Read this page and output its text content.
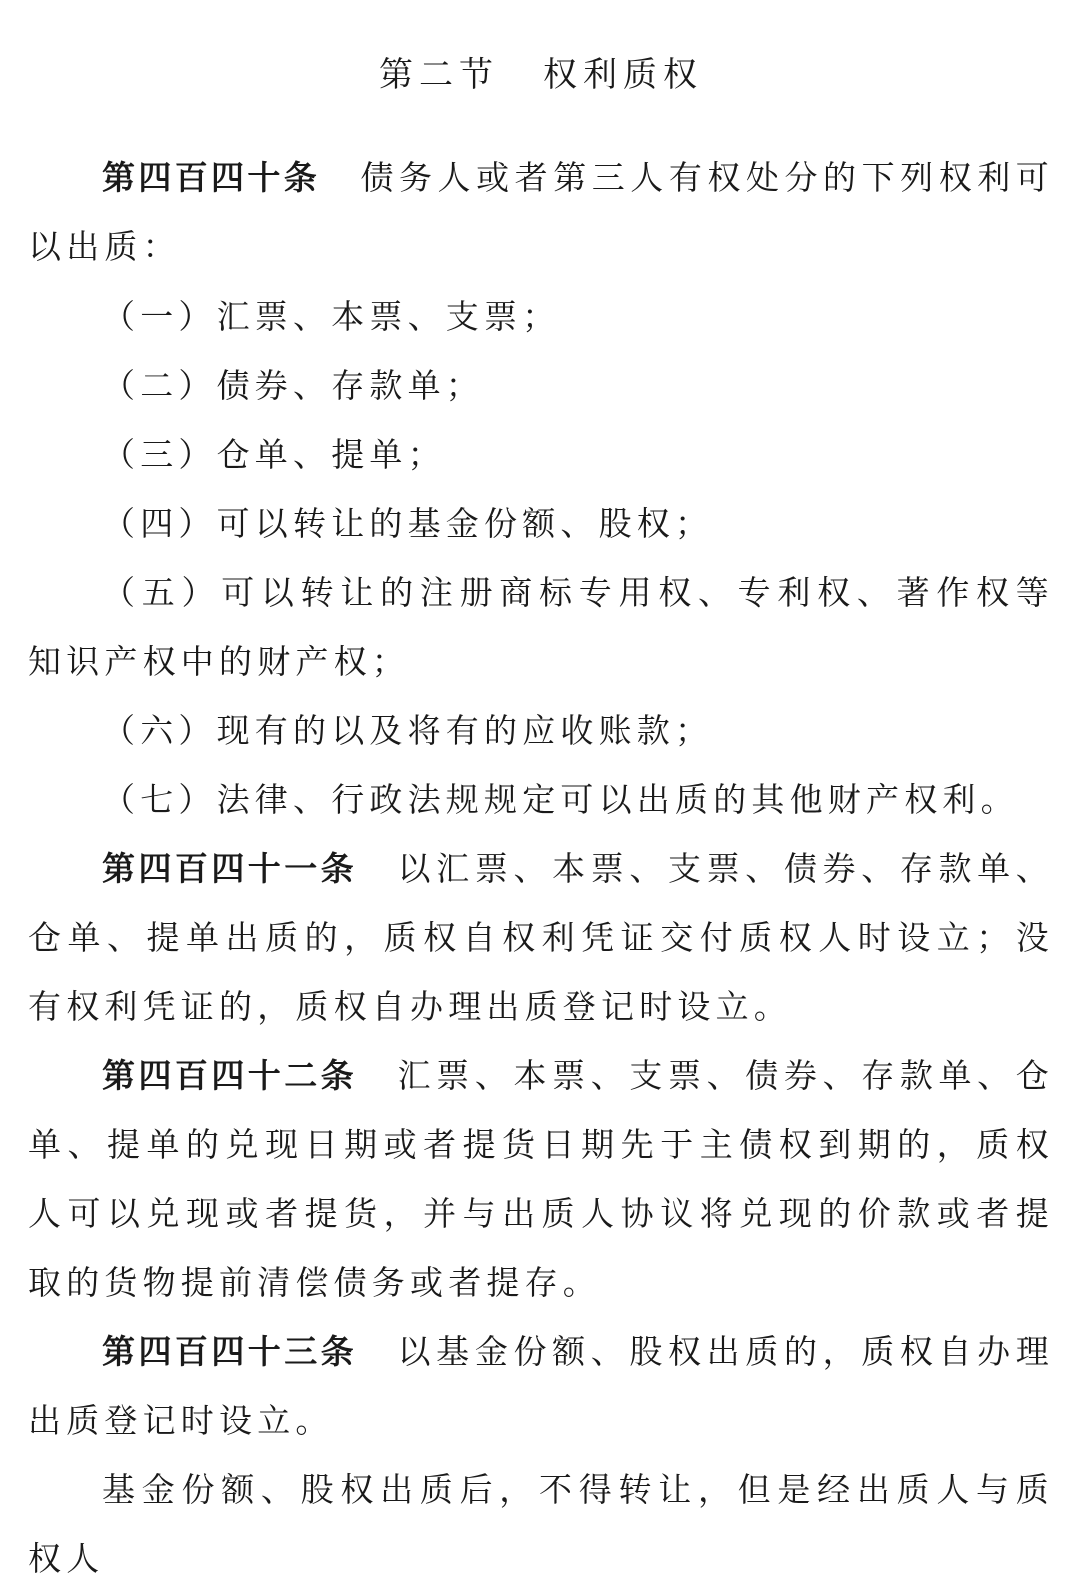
第二节 权利质权

第四百四十条 债务人或者第三人有权处分的下列权利可以出质：

（一）汇票、本票、支票；

（二）债券、存款单；

（三）仓单、提单；

（四）可以转让的基金份额、股权；

（五）可以转让的注册商标专用权、专利权、著作权等知识产权中的财产权；

（六）现有的以及将有的应收账款；

（七）法律、行政法规规定可以出质的其他财产权利。

第四百四十一条 以汇票、本票、支票、债券、存款单、仓单、提单出质的，质权自权利凭证交付质权人时设立；没有权利凭证的，质权自办理出质登记时设立。

第四百四十二条 汇票、本票、支票、债券、存款单、仓单、提单的兑现日期或者提货日期先于主债权到期的，质权人可以兑现或者提货，并与出质人协议将兑现的价款或者提取的货物提前清偿债务或者提存。

第四百四十三条 以基金份额、股权出质的，质权自办理出质登记时设立。

基金份额、股权出质后，不得转让，但是经出质人与质权人
